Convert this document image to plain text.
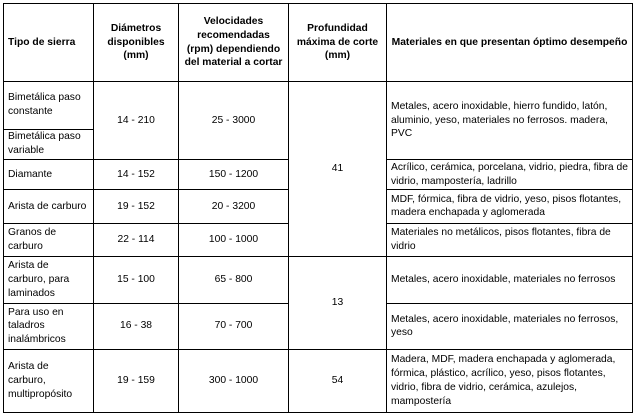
Tipo de sierra	Diámetros disponibles (mm)	Velocidades recomendadas (rpm) dependiendo del material a cortar	Profundidad máxima de corte (mm)	Materiales en que presentan óptimo desempeño
Bimetálica paso constante	14 - 210	25 - 3000	41	Metales, acero inoxidable, hierro fundido, latón, aluminio, yeso, materiales no ferrosos. madera, PVC
Bimetálica paso variable				
Diamante	14 - 152	150 - 1200		Acrílico, cerámica, porcelana, vidrio, piedra, fibra de vidrio, mampostería, ladrillo
Arista de carburo	19 - 152	20 - 3200		MDF, fórmica, fibra de vidrio, yeso, pisos flotantes, madera enchapada y aglomerada
Granos de carburo	22 - 114	100 - 1000		Materiales no metálicos, pisos flotantes, fibra de vidrio
Arista de carburo, para laminados	15 - 100	65 - 800	13	Metales, acero inoxidable, materiales no ferrosos
Para uso en taladros inalámbricos	16 - 38	70 - 700		Metales, acero inoxidable, materiales no ferrosos, yeso
Arista de carburo, multipropósito	19 - 159	300 - 1000	54	Madera, MDF, madera enchapada y aglomerada, fórmica, plástico, acrílico, yeso, pisos flotantes, vidrio, fibra de vidrio, cerámica, azulejos, mampostería
